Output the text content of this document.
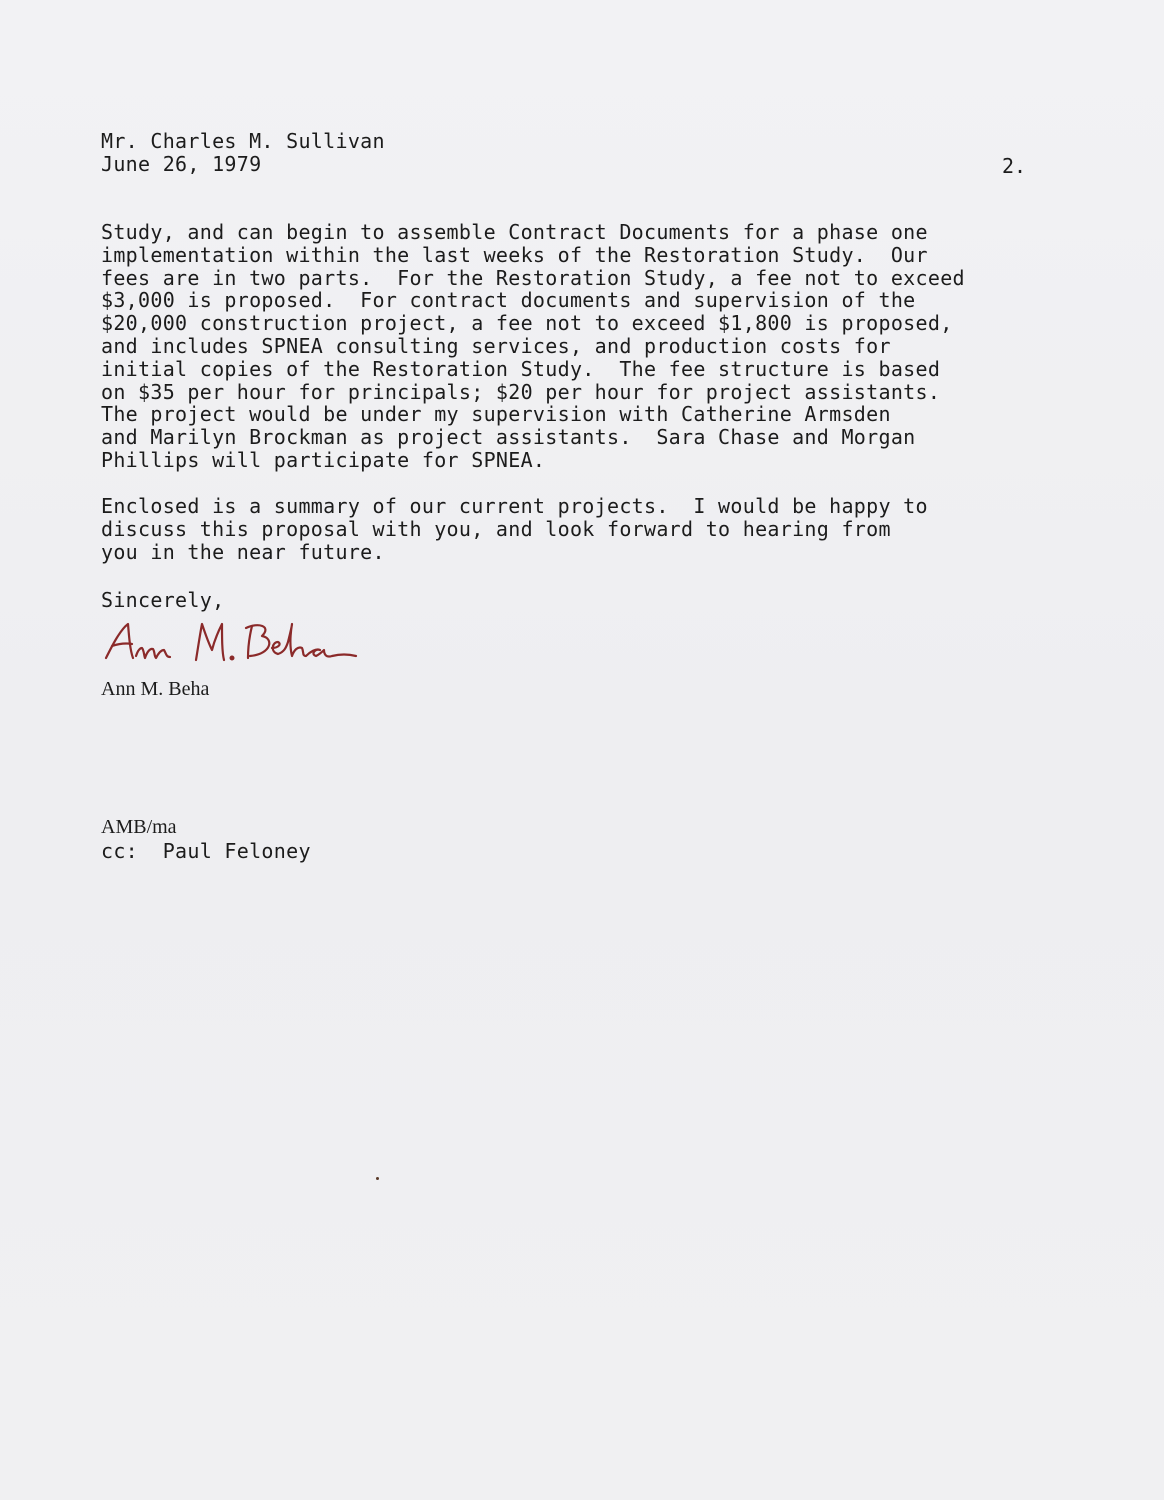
Mr. Charles M. Sullivan
June 26, 1979	2.

Study, and can begin to assemble Contract Documents for a phase one

implementation within the last weeks of the Restoration Study.  Our

fees are in two parts.  For the Restoration Study, a fee not to exceed

$3,000 is proposed.  For contract documents and supervision of the

$20,000 construction project, a fee not to exceed $1,800 is proposed,

and includes SPNEA consulting services, and production costs for

initial copies of the Restoration Study.  The fee structure is based

on $35 per hour for principals; $20 per hour for project assistants.

The project would be under my supervision with Catherine Armsden

and Marilyn Brockman as project assistants.  Sara Chase and Morgan

Phillips will participate for SPNEA.

Enclosed is a summary of our current projects.  I would be happy to

discuss this proposal with you, and look forward to hearing from

you in the near future.

Sincerely,
Ann M. Beha
AMB/ma
cc:  Paul Feloney
